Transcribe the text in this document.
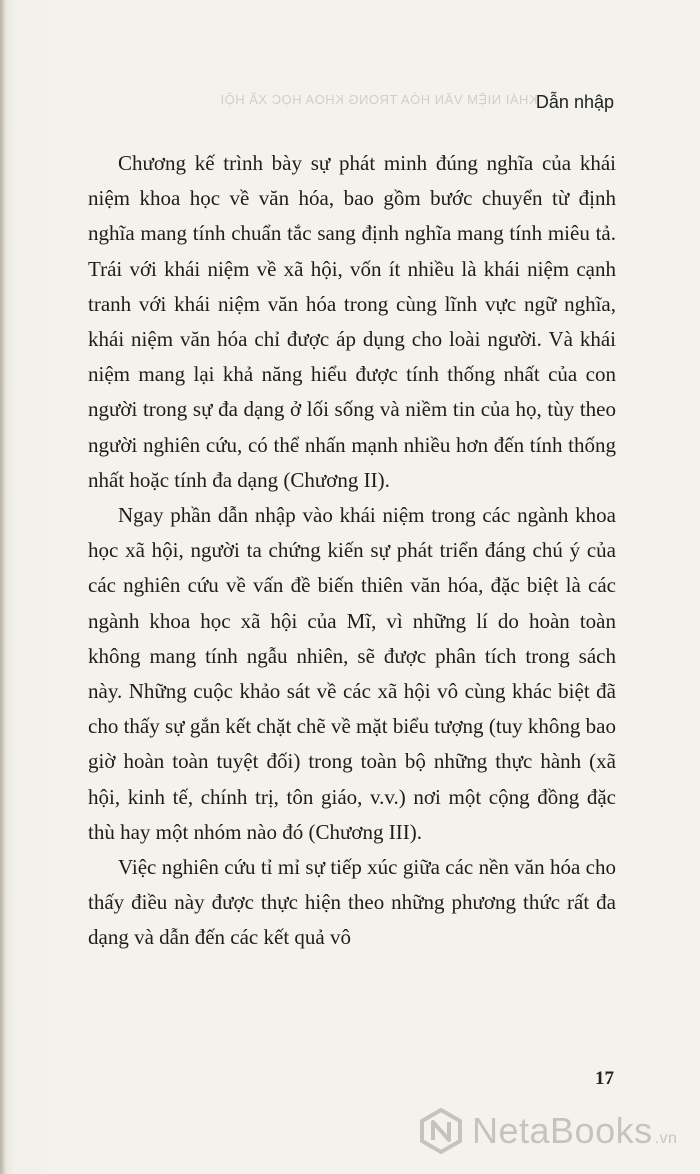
KHÁI NIỆM VĂN HÓA TRONG KHOA HỌC XÃ HỘI
Dẫn nhập

Chương kế trình bày sự phát minh đúng nghĩa của khái niệm khoa học về văn hóa, bao gồm bước chuyển từ định nghĩa mang tính chuẩn tắc sang định nghĩa mang tính miêu tả. Trái với khái niệm về xã hội, vốn ít nhiều là khái niệm cạnh tranh với khái niệm văn hóa trong cùng lĩnh vực ngữ nghĩa, khái niệm văn hóa chỉ được áp dụng cho loài người. Và khái niệm mang lại khả năng hiểu được tính thống nhất của con người trong sự đa dạng ở lối sống và niềm tin của họ, tùy theo người nghiên cứu, có thể nhấn mạnh nhiều hơn đến tính thống nhất hoặc tính đa dạng (Chương II).

Ngay phần dẫn nhập vào khái niệm trong các ngành khoa học xã hội, người ta chứng kiến sự phát triển đáng chú ý của các nghiên cứu về vấn đề biến thiên văn hóa, đặc biệt là các ngành khoa học xã hội của Mĩ, vì những lí do hoàn toàn không mang tính ngẫu nhiên, sẽ được phân tích trong sách này. Những cuộc khảo sát về các xã hội vô cùng khác biệt đã cho thấy sự gắn kết chặt chẽ về mặt biểu tượng (tuy không bao giờ hoàn toàn tuyệt đối) trong toàn bộ những thực hành (xã hội, kinh tế, chính trị, tôn giáo, v.v.) nơi một cộng đồng đặc thù hay một nhóm nào đó (Chương III).

Việc nghiên cứu tỉ mỉ sự tiếp xúc giữa các nền văn hóa cho thấy điều này được thực hiện theo những phương thức rất đa dạng và dẫn đến các kết quả vô

17
NetaBooks .vn
